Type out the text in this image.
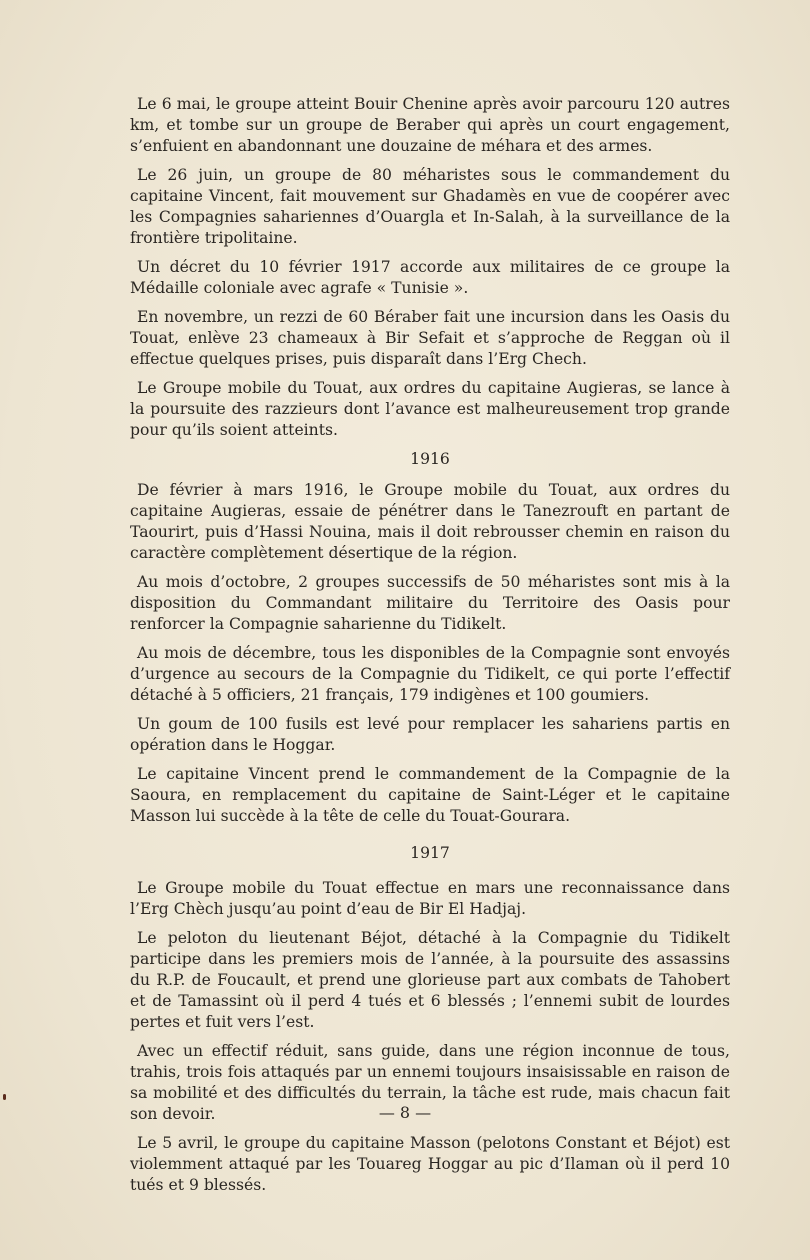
Le 6 mai, le groupe atteint Bouir Chenine après avoir parcouru 120 autres km, et tombe sur un groupe de Beraber qui après un court engagement, s’enfuient en abandonnant une douzaine de méhara et des armes.

Le 26 juin, un groupe de 80 méharistes sous le commandement du capitaine Vincent, fait mouvement sur Ghadamès en vue de coopérer avec les Compagnies sahariennes d’Ouargla et In-Salah, à la surveillance de la frontière tripolitaine.

Un décret du 10 février 1917 accorde aux militaires de ce groupe la Médaille coloniale avec agrafe « Tunisie ».

En novembre, un rezzi de 60 Béraber fait une incursion dans les Oasis du Touat, enlève 23 chameaux à Bir Sefait et s’approche de Reggan où il effectue quelques prises, puis disparaît dans l’Erg Chech.

Le Groupe mobile du Touat, aux ordres du capitaine Augieras, se lance à la poursuite des razzieurs dont l’avance est malheureusement trop grande pour qu’ils soient atteints.

1916

De février à mars 1916, le Groupe mobile du Touat, aux ordres du capitaine Augieras, essaie de pénétrer dans le Tanezrouft en partant de Taourirt, puis d’Hassi Nouina, mais il doit rebrousser chemin en raison du caractère complètement désertique de la région.

Au mois d’octobre, 2 groupes successifs de 50 méharistes sont mis à la disposition du Commandant militaire du Territoire des Oasis pour renforcer la Compagnie saharienne du Tidikelt.

Au mois de décembre, tous les disponibles de la Compagnie sont envoyés d’urgence au secours de la Compagnie du Tidikelt, ce qui porte l’effectif détaché à 5 officiers, 21 français, 179 indigènes et 100 goumiers.

Un goum de 100 fusils est levé pour remplacer les sahariens partis en opération dans le Hoggar.

Le capitaine Vincent prend le commandement de la Compagnie de la Saoura, en remplacement du capitaine de Saint-Léger et le capitaine Masson lui succède à la tête de celle du Touat-Gourara.

1917

Le Groupe mobile du Touat effectue en mars une reconnaissance dans l’Erg Chèch jusqu’au point d’eau de Bir El Hadjaj.

Le peloton du lieutenant Béjot, détaché à la Compagnie du Tidikelt participe dans les premiers mois de l’année, à la poursuite des assassins du R.P. de Foucault, et prend une glorieuse part aux combats de Tahobert et de Tamassint où il perd 4 tués et 6 blessés ; l’ennemi subit de lourdes pertes et fuit vers l’est.

Avec un effectif réduit, sans guide, dans une région inconnue de tous, trahis, trois fois attaqués par un ennemi toujours insaisissable en raison de sa mobilité et des difficultés du terrain, la tâche est rude, mais chacun fait son devoir.

Le 5 avril, le groupe du capitaine Masson (pelotons Constant et Béjot) est violemment attaqué par les Touareg Hoggar au pic d’Ilaman où il perd 10 tués et 9 blessés.

— 8 —
